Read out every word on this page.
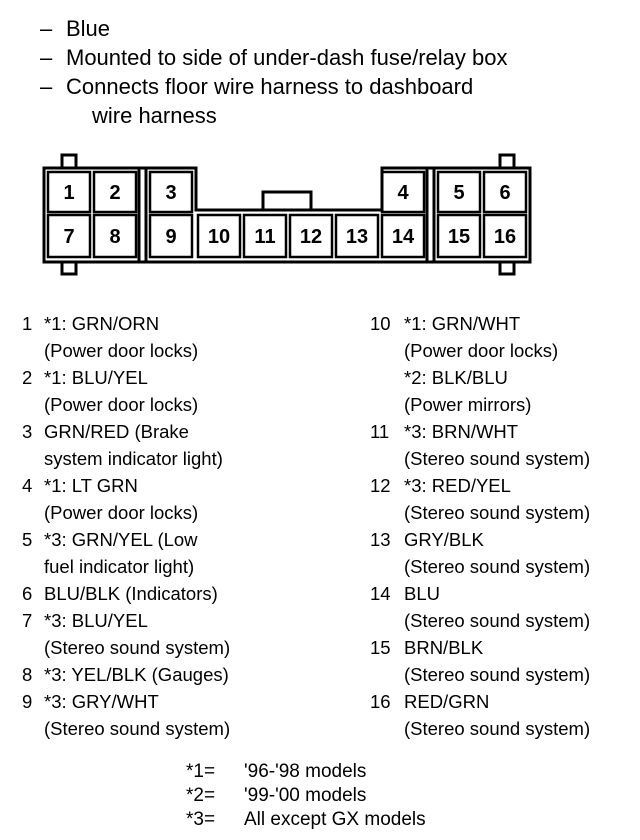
– Blue
– Mounted to side of under-dash fuse/relay box
– Connects floor wire harness to dashboard
wire harness
1 2 3	4 5 6
7 8 9 10 11 12 13 14 15 16
1 *1: GRN/ORN
(Power door locks)
2 *1: BLU/YEL
(Power door locks)
3 GRN/RED (Brake
system indicator light)
4 *1: LT GRN
(Power door locks)
5 *3: GRN/YEL (Low
fuel indicator light)
6 BLU/BLK (Indicators)
7 *3: BLU/YEL
(Stereo sound system)
8 *3: YEL/BLK (Gauges)
9 *3: GRY/WHT
(Stereo sound system)
10 *1: GRN/WHT
(Power door locks)
*2: BLK/BLU
(Power mirrors)
11 *3: BRN/WHT
(Stereo sound system)
12 *3: RED/YEL
(Stereo sound system)
13 GRY/BLK
(Stereo sound system)
14 BLU
(Stereo sound system)
15 BRN/BLK
(Stereo sound system)
16 RED/GRN
(Stereo sound system)
*1=	'96-'98 models
*2=	'99-'00 models
*3=	All except GX models
